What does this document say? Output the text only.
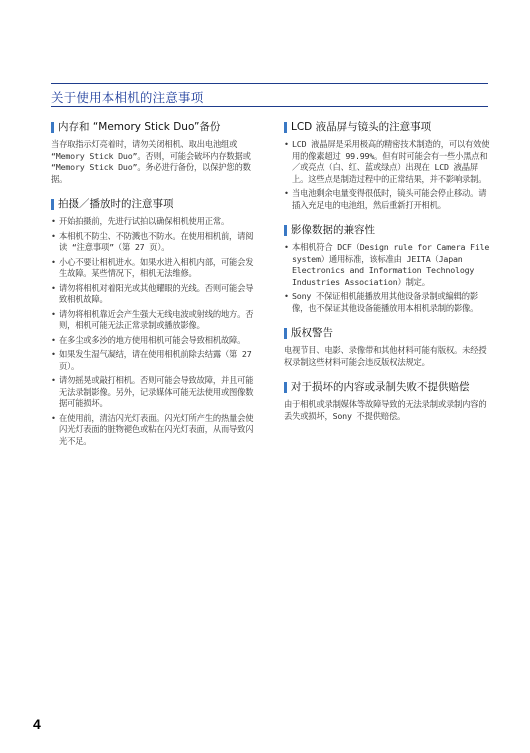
关于使用本相机的注意事项
内存和 “Memory Stick Duo”备份

当存取指示灯亮着时，请勿关闭相机、取出电池组或 “Memory Stick Duo”。否则，可能会破坏内存数据或 “Memory Stick Duo”。务必进行备份，以保护您的数据。

拍摄／播放时的注意事项
• 开始拍摄前，先进行试拍以确保相机使用正常。
• 本相机不防尘、不防溅也不防水。在使用相机前，请阅读 “注意事项”（第 27 页）。
• 小心不要让相机进水。如果水进入相机内部，可能会发生故障。某些情况下，相机无法维修。
• 请勿将相机对着阳光或其他耀眼的光线。否则可能会导致相机故障。
• 请勿将相机靠近会产生强大无线电波或射线的地方。否则，相机可能无法正常录制或播放影像。
• 在多尘或多沙的地方使用相机可能会导致相机故障。
• 如果发生湿气凝结，请在使用相机前除去结露（第 27 页）。
• 请勿摇晃或敲打相机。否则可能会导致故障，并且可能无法录制影像。另外，记录媒体可能无法使用或图像数据可能损坏。
• 在使用前，清洁闪光灯表面。闪光灯所产生的热量会使闪光灯表面的脏物褪色或粘在闪光灯表面，从而导致闪光不足。
LCD 液晶屏与镜头的注意事项
• LCD 液晶屏是采用极高的精密技术制造的，可以有效使用的像素超过 99.99%。但有时可能会有一些小黑点和／或亮点（白、红、蓝或绿点）出现在 LCD 液晶屏上。这些点是制造过程中的正常结果，并不影响录制。
• 当电池剩余电量变得很低时，镜头可能会停止移动。请插入充足电的电池组，然后重新打开相机。
影像数据的兼容性
• 本相机符合 DCF（Design rule for Camera File system）通用标准，该标准由 JEITA（Japan Electronics and Information Technology Industries Association）制定。
• Sony 不保证相机能播放用其他设备录制或编辑的影像，也不保证其他设备能播放用本相机录制的影像。
版权警告

电视节目、电影、录像带和其他材料可能有版权。未经授权录制这些材料可能会违反版权法规定。

对于损坏的内容或录制失败不提供赔偿

由于相机或录制媒体等故障导致的无法录制或录制内容的丢失或损坏，Sony 不提供赔偿。

4
